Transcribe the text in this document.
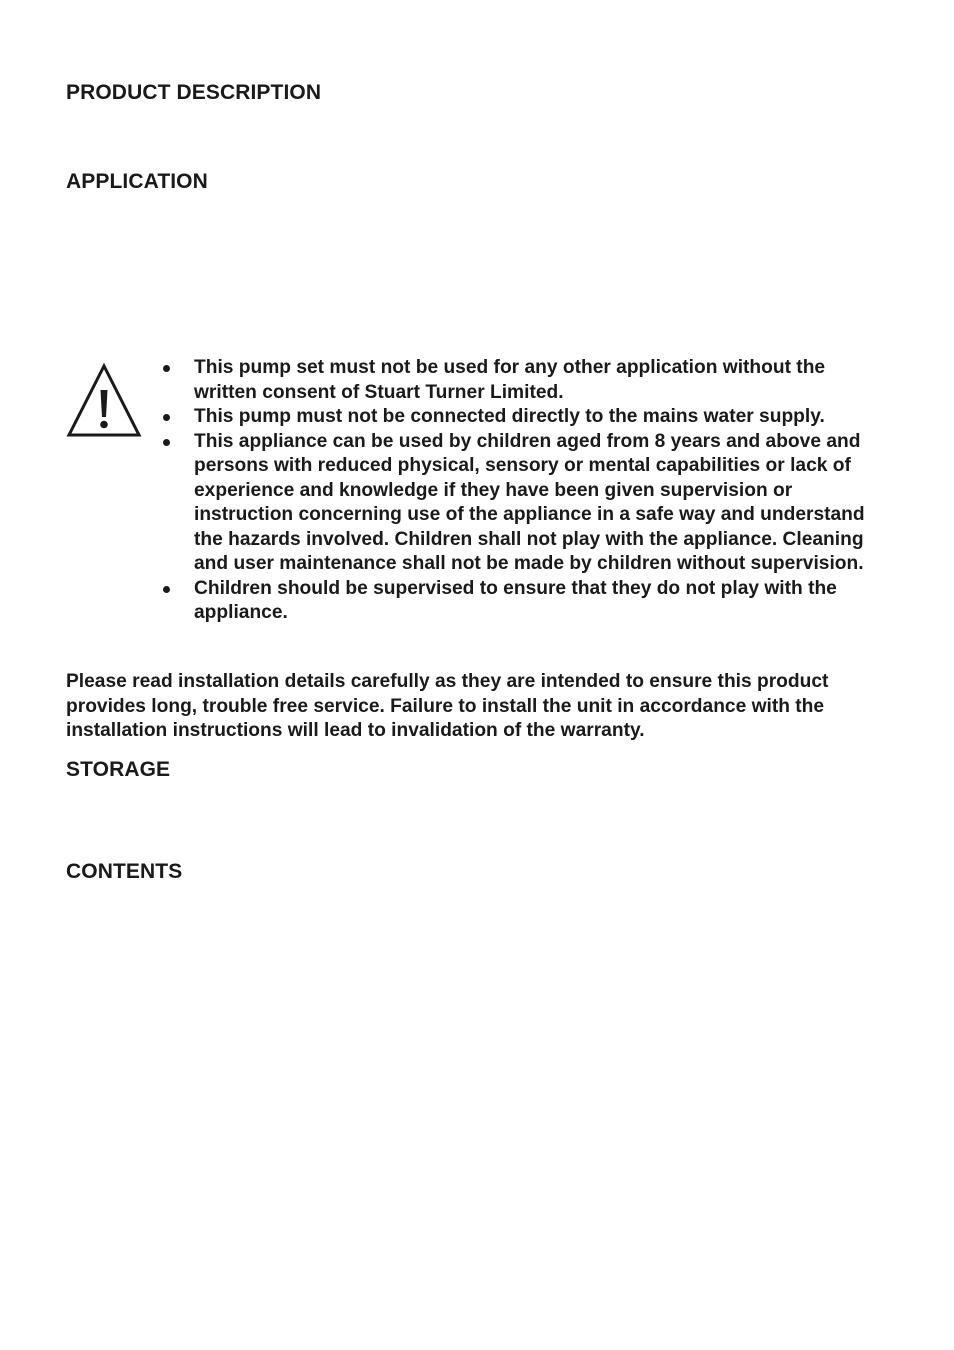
PRODUCT DESCRIPTION
APPLICATION
This pump set must not be used for any other application without the written consent of Stuart Turner Limited.
This pump must not be connected directly to the mains water supply.
This appliance can be used by children aged from 8 years and above and persons with reduced physical, sensory or mental capabilities or lack of experience and knowledge if they have been given supervision or instruction concerning use of the appliance in a safe way and understand the hazards involved. Children shall not play with the appliance. Cleaning and user maintenance shall not be made by children without supervision.
Children should be supervised to ensure that they do not play with the appliance.

Please read installation details carefully as they are intended to ensure this product provides long, trouble free service. Failure to install the unit in accordance with the installation instructions will lead to invalidation of the warranty.

STORAGE
CONTENTS
